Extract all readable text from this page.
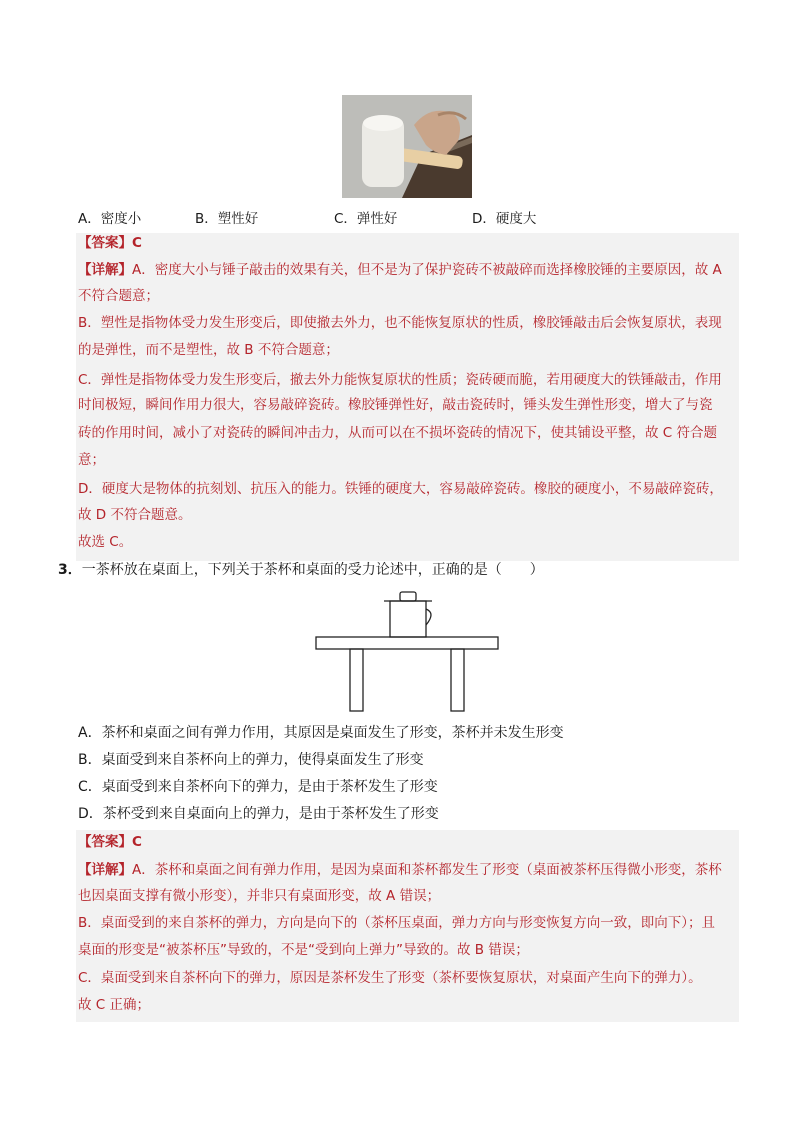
A．密度小	B．塑性好	C．弹性好	D．硬度大
【答案】C
【详解】A．密度大小与锤子敲击的效果有关，但不是为了保护瓷砖不被敲碎而选择橡胶锤的主要原因，故 A
不符合题意；
B．塑性是指物体受力发生形变后，即使撤去外力，也不能恢复原状的性质，橡胶锤敲击后会恢复原状，表现
的是弹性，而不是塑性，故 B 不符合题意；
C．弹性是指物体受力发生形变后，撤去外力能恢复原状的性质；瓷砖硬而脆，若用硬度大的铁锤敲击，作用
时间极短，瞬间作用力很大，容易敲碎瓷砖。橡胶锤弹性好，敲击瓷砖时，锤头发生弹性形变，增大了与瓷
砖的作用时间，减小了对瓷砖的瞬间冲击力，从而可以在不损坏瓷砖的情况下，使其铺设平整，故 C 符合题
意；
D．硬度大是物体的抗刻划、抗压入的能力。铁锤的硬度大，容易敲碎瓷砖。橡胶的硬度小，不易敲碎瓷砖，
故 D 不符合题意。
故选 C。
3．一茶杯放在桌面上，下列关于茶杯和桌面的受力论述中，正确的是（　　）
A．茶杯和桌面之间有弹力作用，其原因是桌面发生了形变，茶杯并未发生形变
B．桌面受到来自茶杯向上的弹力，使得桌面发生了形变
C．桌面受到来自茶杯向下的弹力，是由于茶杯发生了形变
D．茶杯受到来自桌面向上的弹力，是由于茶杯发生了形变
【答案】C
【详解】A．茶杯和桌面之间有弹力作用，是因为桌面和茶杯都发生了形变（桌面被茶杯压得微小形变，茶杯
也因桌面支撑有微小形变），并非只有桌面形变，故 A 错误；
B．桌面受到的来自茶杯的弹力，方向是向下的（茶杯压桌面，弹力方向与形变恢复方向一致，即向下）；且
桌面的形变是“被茶杯压”导致的，不是“受到向上弹力”导致的。故 B 错误；
C．桌面受到来自茶杯向下的弹力，原因是茶杯发生了形变（茶杯要恢复原状，对桌面产生向下的弹力）。
故 C 正确；
